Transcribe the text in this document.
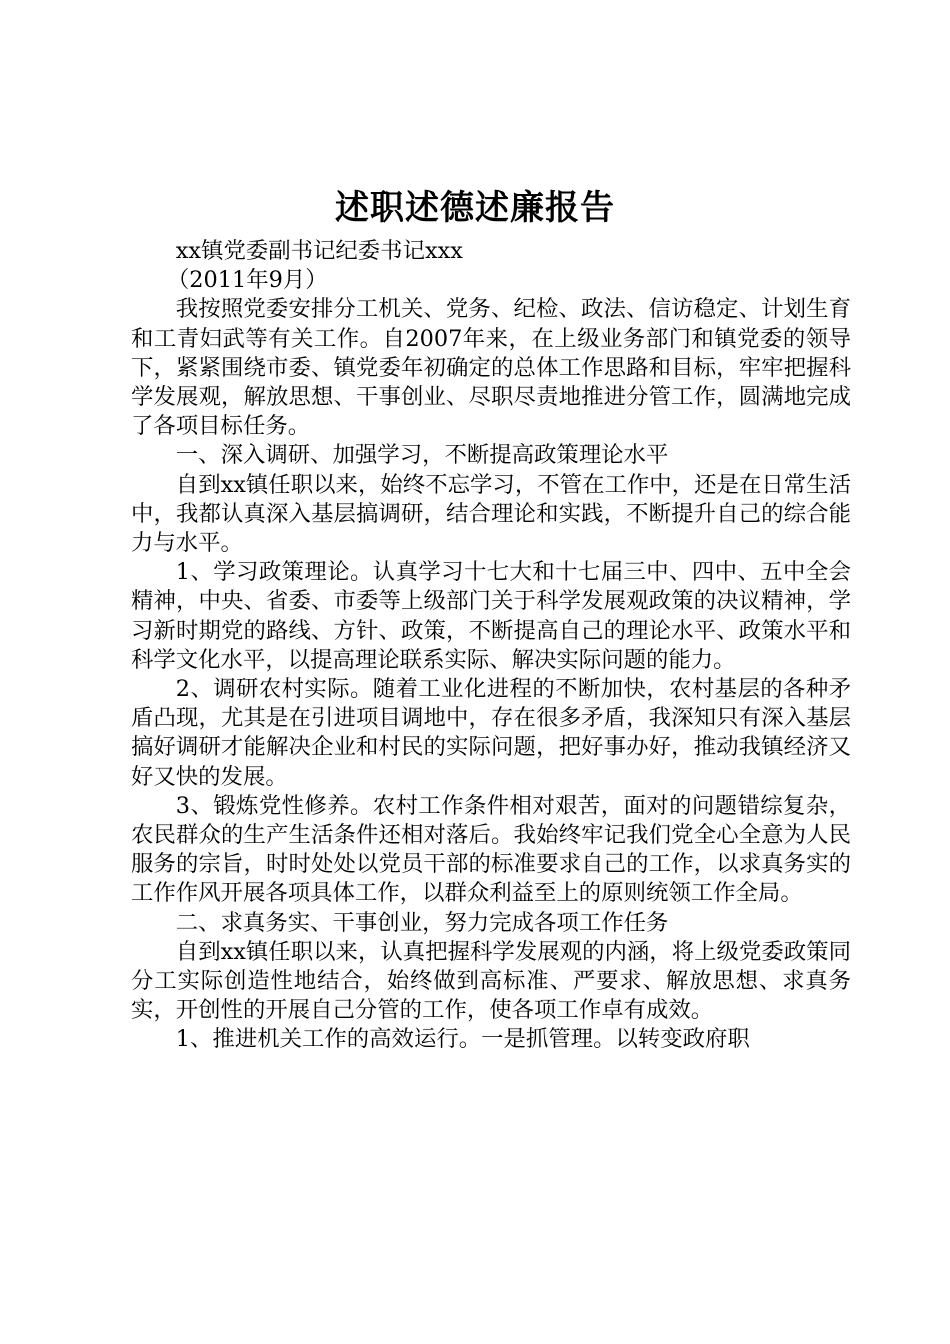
述职述德述廉报告

xx镇党委副书记纪委书记xxx

（2011年9月）

我按照党委安排分工机关、党务、纪检、政法、信访稳定、计划生育和工青妇武等有关工作。自2007年来，在上级业务部门和镇党委的领导下，紧紧围绕市委、镇党委年初确定的总体工作思路和目标，牢牢把握科学发展观，解放思想、干事创业、尽职尽责地推进分管工作，圆满地完成了各项目标任务。

一、深入调研、加强学习，不断提高政策理论水平

自到xx镇任职以来，始终不忘学习，不管在工作中，还是在日常生活中，我都认真深入基层搞调研，结合理论和实践，不断提升自己的综合能力与水平。

1、学习政策理论。认真学习十七大和十七届三中、四中、五中全会精神，中央、省委、市委等上级部门关于科学发展观政策的决议精神，学习新时期党的路线、方针、政策，不断提高自己的理论水平、政策水平和科学文化水平，以提高理论联系实际、解决实际问题的能力。

2、调研农村实际。随着工业化进程的不断加快，农村基层的各种矛盾凸现，尤其是在引进项目调地中，存在很多矛盾，我深知只有深入基层搞好调研才能解决企业和村民的实际问题，把好事办好，推动我镇经济又好又快的发展。

3、锻炼党性修养。农村工作条件相对艰苦，面对的问题错综复杂，农民群众的生产生活条件还相对落后。我始终牢记我们党全心全意为人民服务的宗旨，时时处处以党员干部的标准要求自己的工作，以求真务实的工作作风开展各项具体工作，以群众利益至上的原则统领工作全局。

二、求真务实、干事创业，努力完成各项工作任务

自到xx镇任职以来，认真把握科学发展观的内涵，将上级党委政策同分工实际创造性地结合，始终做到高标准、严要求、解放思想、求真务实，开创性的开展自己分管的工作，使各项工作卓有成效。

1、推进机关工作的高效运行。一是抓管理。以转变政府职
